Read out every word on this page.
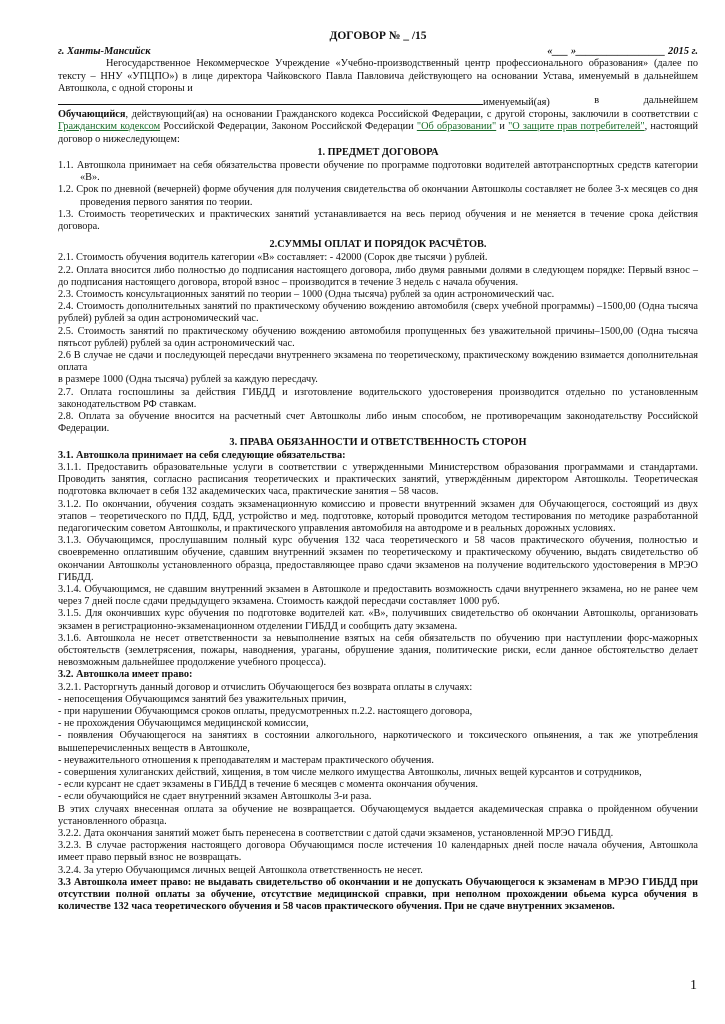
ДОГОВОР № _ /15
г. Ханты-Мансийск	«___ »_________________ 2015 г.

Негосударственное Некоммерческое Учреждение «Учебно-производственный центр профессионального образования» (далее по тексту – ННУ «УПЦПО») в лице директора Чайковского Павла Павловича действующего на основании Устава, именуемый в дальнейшем Автошкола, с одной стороны и

именуемый(ая)	в	дальнейшем

Обучающийся, действующий(ая) на основании Гражданского кодекса Российской Федерации, с другой стороны, заключили в соответствии с Гражданским кодексом Российской Федерации, Законом Российской Федерации "Об образовании" и "О защите прав потребителей", настоящий договор о нижеследующем:

1. ПРЕДМЕТ ДОГОВОРА

1.1. Автошкола принимает на себя обязательства провести обучение по программе подготовки водителей автотранспортных средств категории «В».

1.2. Срок по дневной (вечерней) форме обучения для получения свидетельства об окончании Автошколы составляет не более 3-х месяцев со дня проведения первого занятия по теории.

1.3. Стоимость теоретических и практических занятий устанавливается на весь период обучения и не меняется в течение срока действия договора.

2.СУММЫ ОПЛАТ И ПОРЯДОК РАСЧЁТОВ.

2.1. Стоимость обучения водитель категории «В» составляет: - 42000 (Сорок две тысячи ) рублей.

2.2. Оплата вносится либо полностью до подписания настоящего договора, либо двумя равными долями в следующем порядке: Первый взнос – до подписания настоящего договора, второй взнос – производится в течение 3 недель с начала обучения.

2.3. Стоимость консультационных занятий по теории – 1000 (Одна тысяча) рублей за один астрономический час.

2.4. Стоимость дополнительных занятий по практическому обучению вождению автомобиля (сверх учебной программы) –1500,00 (Одна тысяча рублей) рублей за один астрономический час.

2.5. Стоимость занятий по практическому обучению вождению автомобиля пропущенных без уважительной причины–1500,00 (Одна тысяча пятьсот рублей) рублей за один астрономический час.

2.6 В случае не сдачи и последующей пересдачи внутреннего экзамена по теоретическому, практическому вождению взимается дополнительная оплата

в размере 1000 (Одна тысяча) рублей за каждую пересдачу.

2.7. Оплата госпошлины за действия ГИБДД и изготовление водительского удостоверения производится отдельно по установленным законодательством РФ ставкам.

2.8. Оплата за обучение вносится на расчетный счет Автошколы либо иным способом, не противоречащим законодательству Российской Федерации.

3. ПРАВА ОБЯЗАННОСТИ И ОТВЕТСТВЕННОСТЬ СТОРОН

3.1. Автошкола принимает на себя следующие обязательства:

3.1.1. Предоставить образовательные услуги в соответствии с утвержденными Министерством образования программами и стандартами. Проводить занятия, согласно расписания теоретических и практических занятий, утверждённым директором Автошколы. Теоретическая подготовка включает в себя 132 академических часа, практические занятия – 58 часов.

3.1.2. По окончании, обучения создать экзаменационную комиссию и провести внутренний экзамен для Обучающегося, состоящий из двух этапов – теоретического по ПДД, БДД, устройство и мед. подготовке, который проводится методом тестирования по методике разработанной педагогическим советом Автошколы, и практического управления автомобиля на автодроме и в реальных дорожных условиях.

3.1.3. Обучающимся, прослушавшим полный курс обучения 132 часа теоретического и 58 часов практического обучения, полностью и своевременно оплатившим обучение, сдавшим внутренний экзамен по теоретическому и практическому обучению, выдать свидетельство об окончании Автошколы установленного образца, предоставляющее право сдачи экзаменов на получение водительского удостоверения в МРЭО ГИБДД.

3.1.4. Обучающимся, не сдавшим внутренний экзамен в Автошколе и предоставить возможность сдачи внутреннего экзамена, но не ранее чем через 7 дней после сдачи предыдущего экзамена. Стоимость каждой пересдачи составляет 1000 руб.

3.1.5. Для окончивших курс обучения по подготовке водителей кат. «В», получивших свидетельство об окончании Автошколы, организовать экзамен в регистрационно-экзаменационном отделении ГИБДД и сообщить дату экзамена.

3.1.6. Автошкола не несет ответственности за невыполнение взятых на себя обязательств по обучению при наступлении форс-мажорных обстоятельств (землетрясения, пожары, наводнения, ураганы, обрушение здания, политические риски, если данное обстоятельство делает невозможным дальнейшее продолжение учебного процесса).

3.2. Автошкола имеет право:

3.2.1. Расторгнуть данный договор и отчислить Обучающегося без возврата оплаты в случаях:

- непосещения Обучающимся занятий без уважительных причин,

- при нарушении Обучающимся сроков оплаты, предусмотренных п.2.2. настоящего договора,

- не прохождения Обучающимся медицинской комиссии,

- появления Обучающегося на занятиях в состоянии алкогольного, наркотического и токсического опьянения, а так же употребления вышеперечисленных веществ в Автошколе,

- неуважительного отношения к преподавателям и мастерам практического обучения.

- совершения хулиганских действий, хищения, в том числе мелкого имущества Автошколы, личных вещей курсантов и сотрудников,

- если курсант не сдает экзамены в ГИБДД в течение 6 месяцев с момента окончания обучения.

- если обучающийся не сдает внутренний экзамен Автошколы 3-и раза.

В этих случаях внесенная оплата за обучение не возвращается. Обучающемуся выдается академическая справка о пройденном обучении установленного образца.

3.2.2. Дата окончания занятий может быть перенесена в соответствии с датой сдачи экзаменов, установленной МРЭО ГИБДД.

3.2.3. В случае расторжения настоящего договора Обучающимся после истечения 10 календарных дней после начала обучения, Автошкола имеет право первый взнос не возвращать.

3.2.4. За утерю Обучающимся личных вещей Автошкола ответственность не несет.

3.3 Автошкола имеет право: не выдавать свидетельство об окончании и не допускать Обучающегося к экзаменам в МРЭО ГИБДД при отсутствии полной оплаты за обучение, отсутствие медицинской справки, при неполном прохождении обьема курса обучения в количестве 132 часа теоретического обучения и 58 часов практического обучения. При не сдаче внутренних экзаменов.

1
